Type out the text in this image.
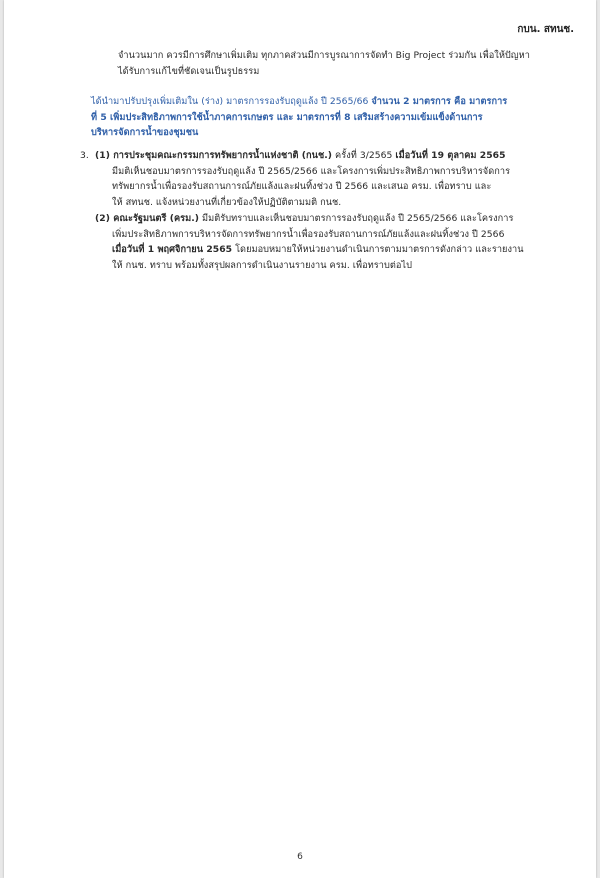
กบน. สทนช.
จำนวนมาก ควรมีการศึกษาเพิ่มเติม ทุกภาคส่วนมีการบูรณาการจัดทำ Big Project ร่วมกัน เพื่อให้ปัญหา
ได้รับการแก้ไขที่ชัดเจนเป็นรูปธรรม
ได้นำมาปรับปรุงเพิ่มเติมใน (ร่าง) มาตรการรองรับฤดูแล้ง ปี 2565/66 จำนวน 2 มาตรการ คือ มาตรการ
ที่ 5 เพิ่มประสิทธิภาพการใช้น้ำภาคการเกษตร และ มาตรการที่ 8 เสริมสร้างความเข้มแข็งด้านการ
บริหารจัดการน้ำของชุมชน
3. (1) การประชุมคณะกรรมการทรัพยากรน้ำแห่งชาติ (กนช.) ครั้งที่ 3/2565 เมื่อวันที่ 19 ตุลาคม 2565
มีมติเห็นชอบมาตรการรองรับฤดูแล้ง ปี 2565/2566 และโครงการเพิ่มประสิทธิภาพการบริหารจัดการ
ทรัพยากรน้ำเพื่อรองรับสถานการณ์ภัยแล้งและฝนทิ้งช่วง ปี 2566 และเสนอ ครม. เพื่อทราบ และ
ให้ สทนช. แจ้งหน่วยงานที่เกี่ยวข้องให้ปฏิบัติตามมติ กนช.
(2) คณะรัฐมนตรี (ครม.) มีมติรับทราบและเห็นชอบมาตรการรองรับฤดูแล้ง ปี 2565/2566 และโครงการ
เพิ่มประสิทธิภาพการบริหารจัดการทรัพยากรน้ำเพื่อรองรับสถานการณ์ภัยแล้งและฝนทิ้งช่วง ปี 2566
เมื่อวันที่ 1 พฤศจิกายน 2565 โดยมอบหมายให้หน่วยงานดำเนินการตามมาตรการดังกล่าว และรายงาน
ให้ กนช. ทราบ พร้อมทั้งสรุปผลการดำเนินงานรายงาน ครม. เพื่อทราบต่อไป
6
